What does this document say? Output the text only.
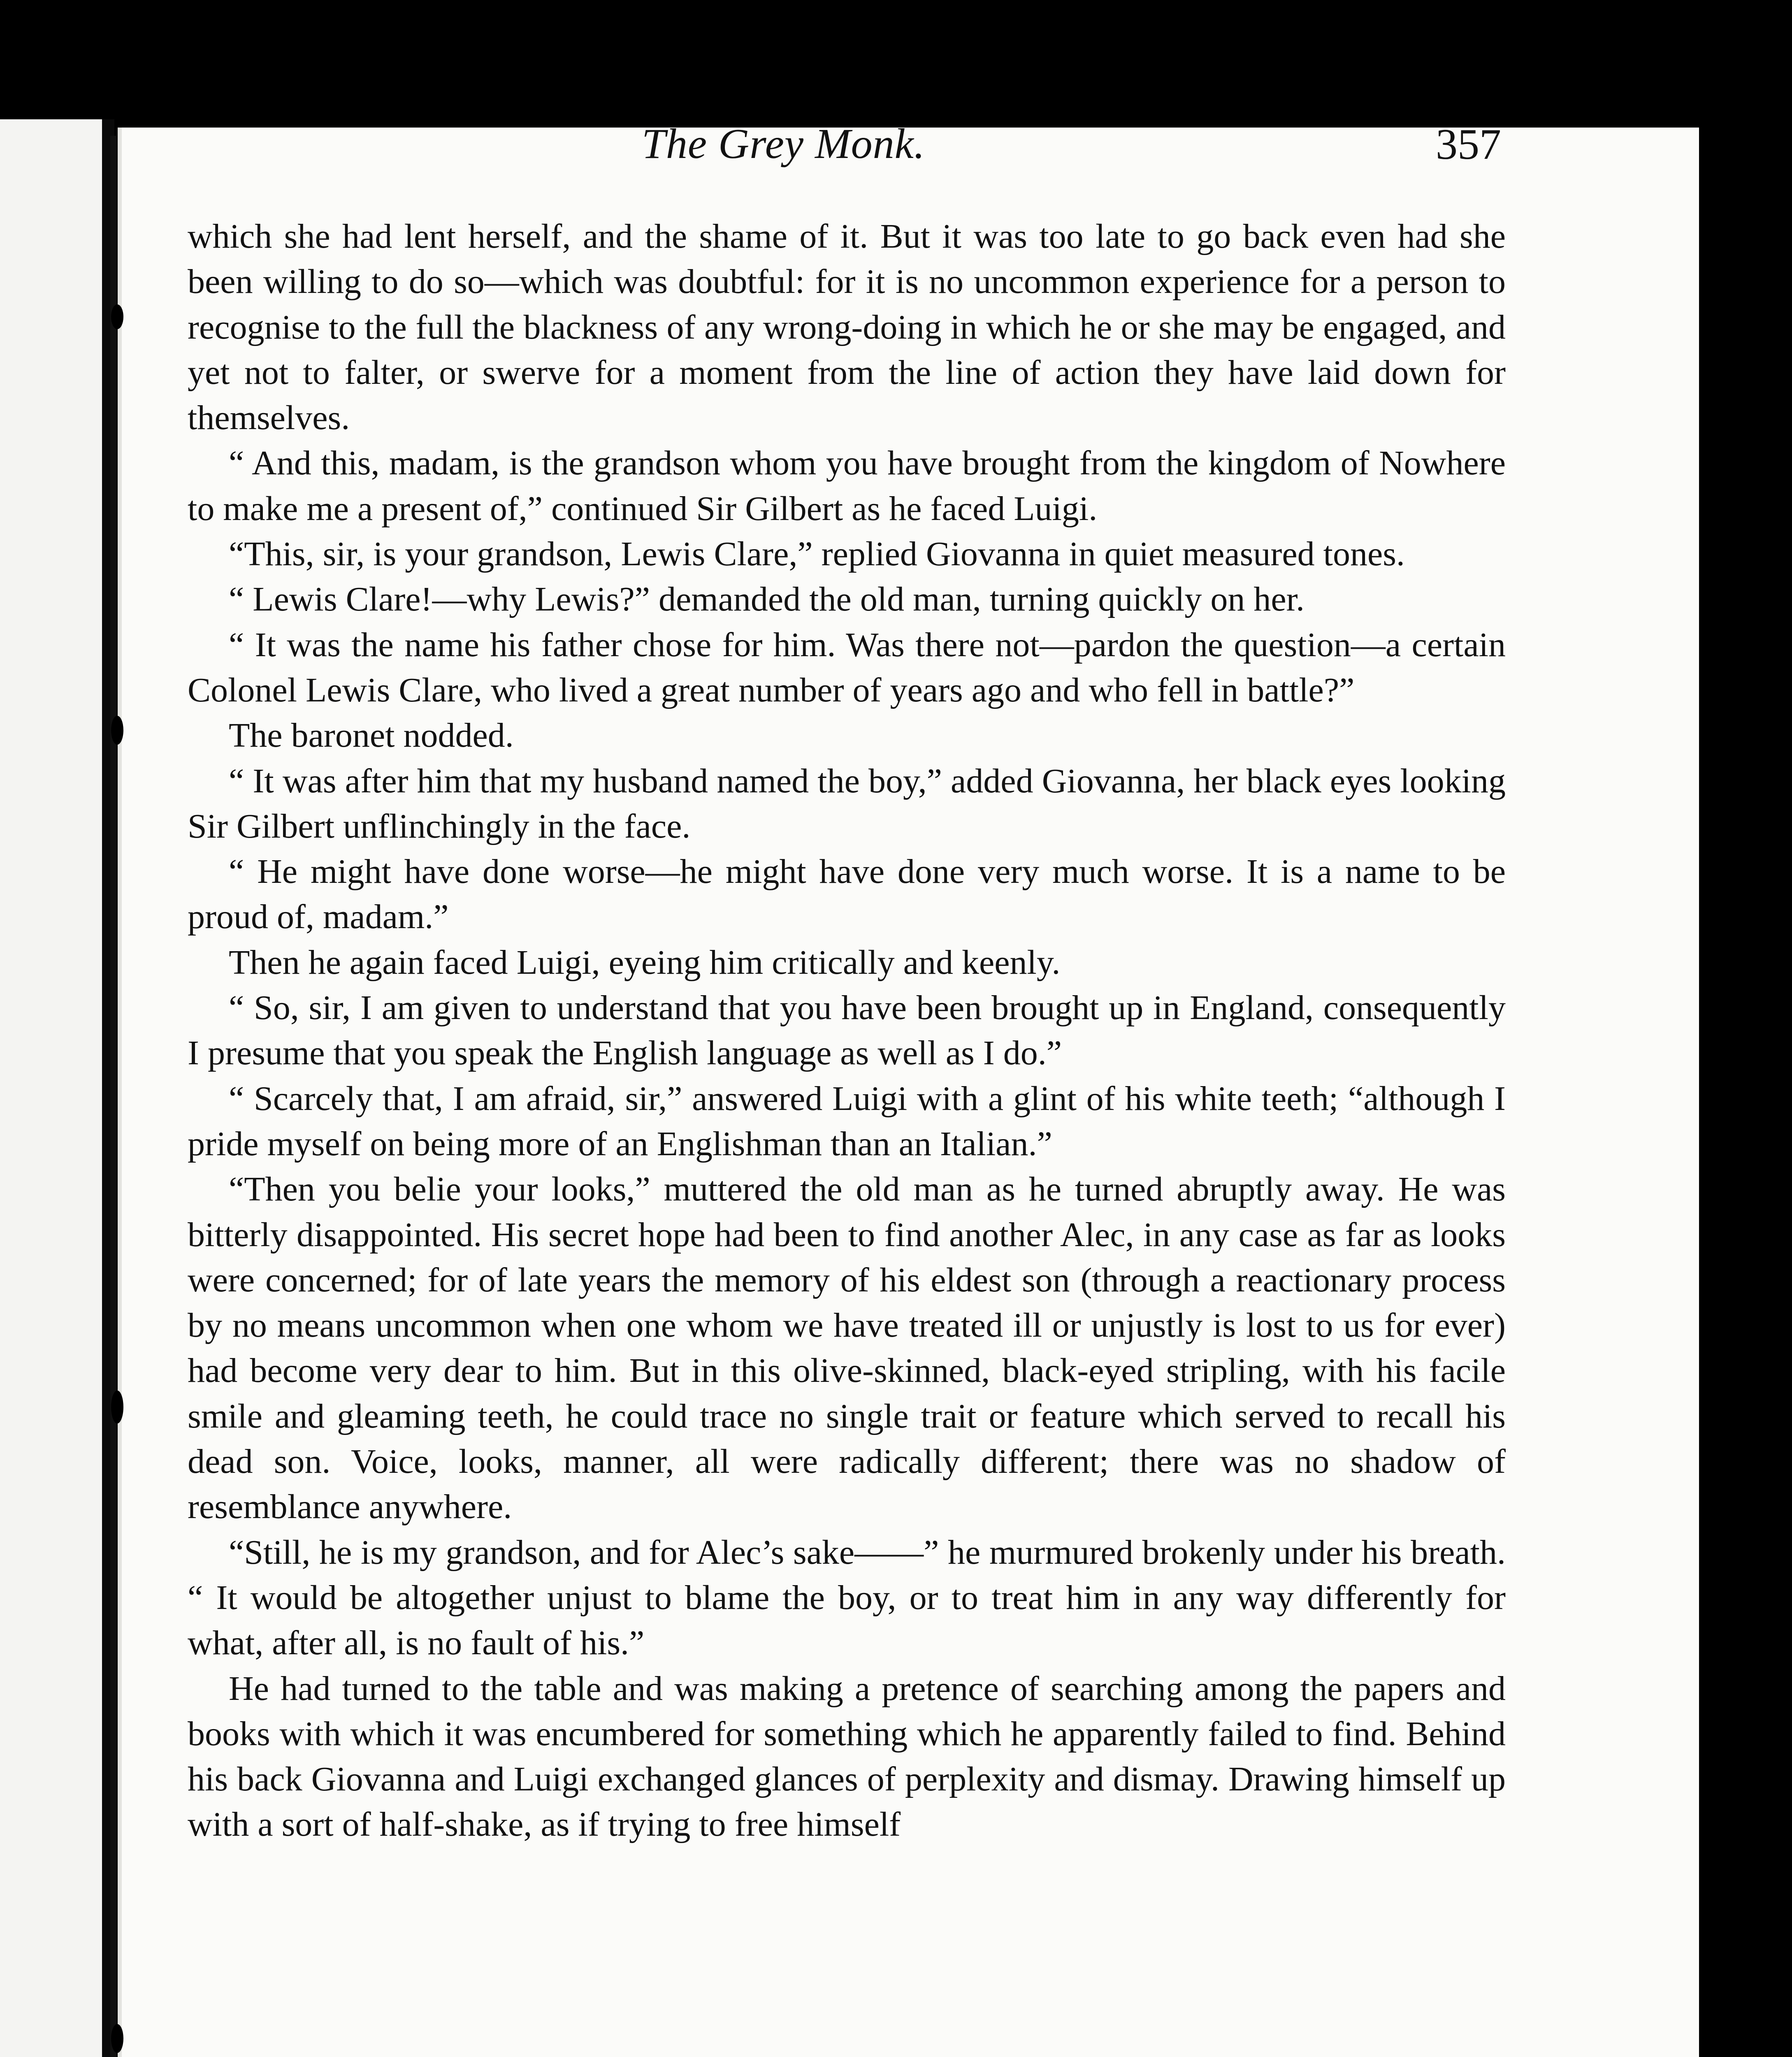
The Grey Monk.	357

which she had lent herself, and the shame of it. But it was too late to go back even had she been willing to do so—which was doubtful: for it is no uncommon experience for a person to recognise to the full the blackness of any wrong-doing in which he or she may be engaged, and yet not to falter, or swerve for a moment from the line of action they have laid down for themselves.

“ And this, madam, is the grandson whom you have brought from the kingdom of Nowhere to make me a present of,” continued Sir Gilbert as he faced Luigi.

“This, sir, is your grandson, Lewis Clare,” replied Giovanna in quiet measured tones.

“ Lewis Clare!—why Lewis?” demanded the old man, turning quickly on her.

“ It was the name his father chose for him. Was there not—pardon the question—a certain Colonel Lewis Clare, who lived a great number of years ago and who fell in battle?”

The baronet nodded.

“ It was after him that my husband named the boy,” added Giovanna, her black eyes looking Sir Gilbert unflinchingly in the face.

“ He might have done worse—he might have done very much worse. It is a name to be proud of, madam.”

Then he again faced Luigi, eyeing him critically and keenly.

“ So, sir, I am given to understand that you have been brought up in England, consequently I presume that you speak the English language as well as I do.”

“ Scarcely that, I am afraid, sir,” answered Luigi with a glint of his white teeth; “although I pride myself on being more of an Englishman than an Italian.”

“Then you belie your looks,” muttered the old man as he turned abruptly away. He was bitterly disappointed. His secret hope had been to find another Alec, in any case as far as looks were concerned; for of late years the memory of his eldest son (through a reactionary process by no means uncommon when one whom we have treated ill or unjustly is lost to us for ever) had become very dear to him. But in this olive-skinned, black-eyed stripling, with his facile smile and gleaming teeth, he could trace no single trait or feature which served to recall his dead son. Voice, looks, manner, all were radically different; there was no shadow of resemblance anywhere.

“Still, he is my grandson, and for Alec’s sake——” he murmured brokenly under his breath. “ It would be altogether unjust to blame the boy, or to treat him in any way differently for what, after all, is no fault of his.”

He had turned to the table and was making a pretence of searching among the papers and books with which it was encumbered for something which he apparently failed to find. Behind his back Giovanna and Luigi exchanged glances of perplexity and dismay. Drawing himself up with a sort of half-shake, as if trying to free himself
